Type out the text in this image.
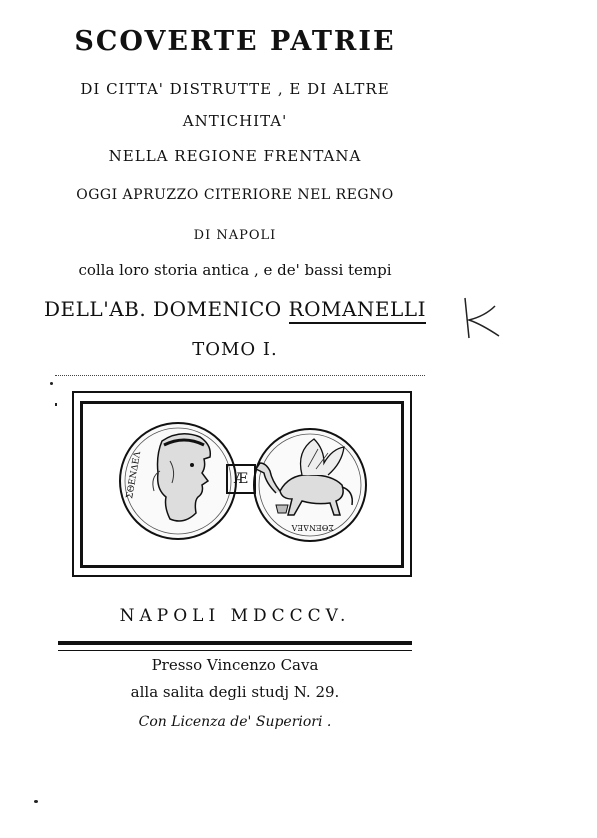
SCOVERTE PATRIE
DI CITTA' DISTRUTTE , E DI ALTRE
ANTICHITA'
NELLA REGIONE FRENTANA
OGGI APRUZZO CITERIORE NEL REGNO
DI NAPOLI
colla loro storia antica , e de' bassi tempi
DELL'AB. DOMENICO ROMANELLI
TOMO I.
ΣΘΕΝΔΕΛ
ΣΘΕΝΔΕΛ
Æ
NAPOLI MDCCCV.
Presso Vincenzo Cava
alla salita degli studj N. 29.
Con Licenza de' Superiori .
